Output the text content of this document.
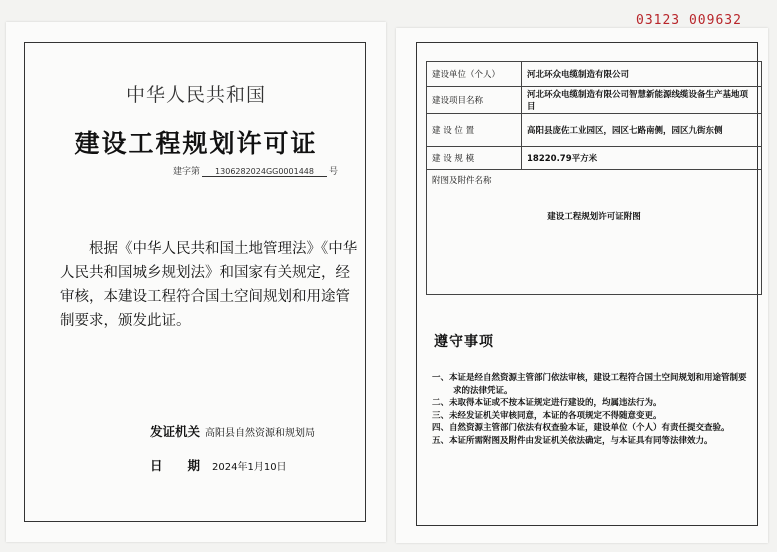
03123 009632
中华人民共和国
建设工程规划许可证
建字第 1306282024GG0001448 号
根据《中华人民共和国土地管理法》《中华人民共和国城乡规划法》和国家有关规定，经审核，本建设工程符合国土空间规划和用途管制要求，颁发此证。
发证机关 高阳县自然资源和规划局
日　　期 2024年1月10日
建设单位（个人）	河北环众电缆制造有限公司
建设项目名称	河北环众电缆制造有限公司智慧新能源线缆设备生产基地项目
建 设 位 置	高阳县庞佐工业园区，园区七路南侧，园区九街东侧
建 设 规 模	18220.79平方米

附图及附件名称
建设工程规划许可证附图	
遵守事项
一、本证是经自然资源主管部门依法审核，建设工程符合国土空间规划和用途管制要求的法律凭证。
二、未取得本证或不按本证规定进行建设的，均属违法行为。
三、未经发证机关审核同意，本证的各项规定不得随意变更。
四、自然资源主管部门依法有权查验本证，建设单位（个人）有责任提交查验。
五、本证所需附图及附件由发证机关依法确定，与本证具有同等法律效力。
